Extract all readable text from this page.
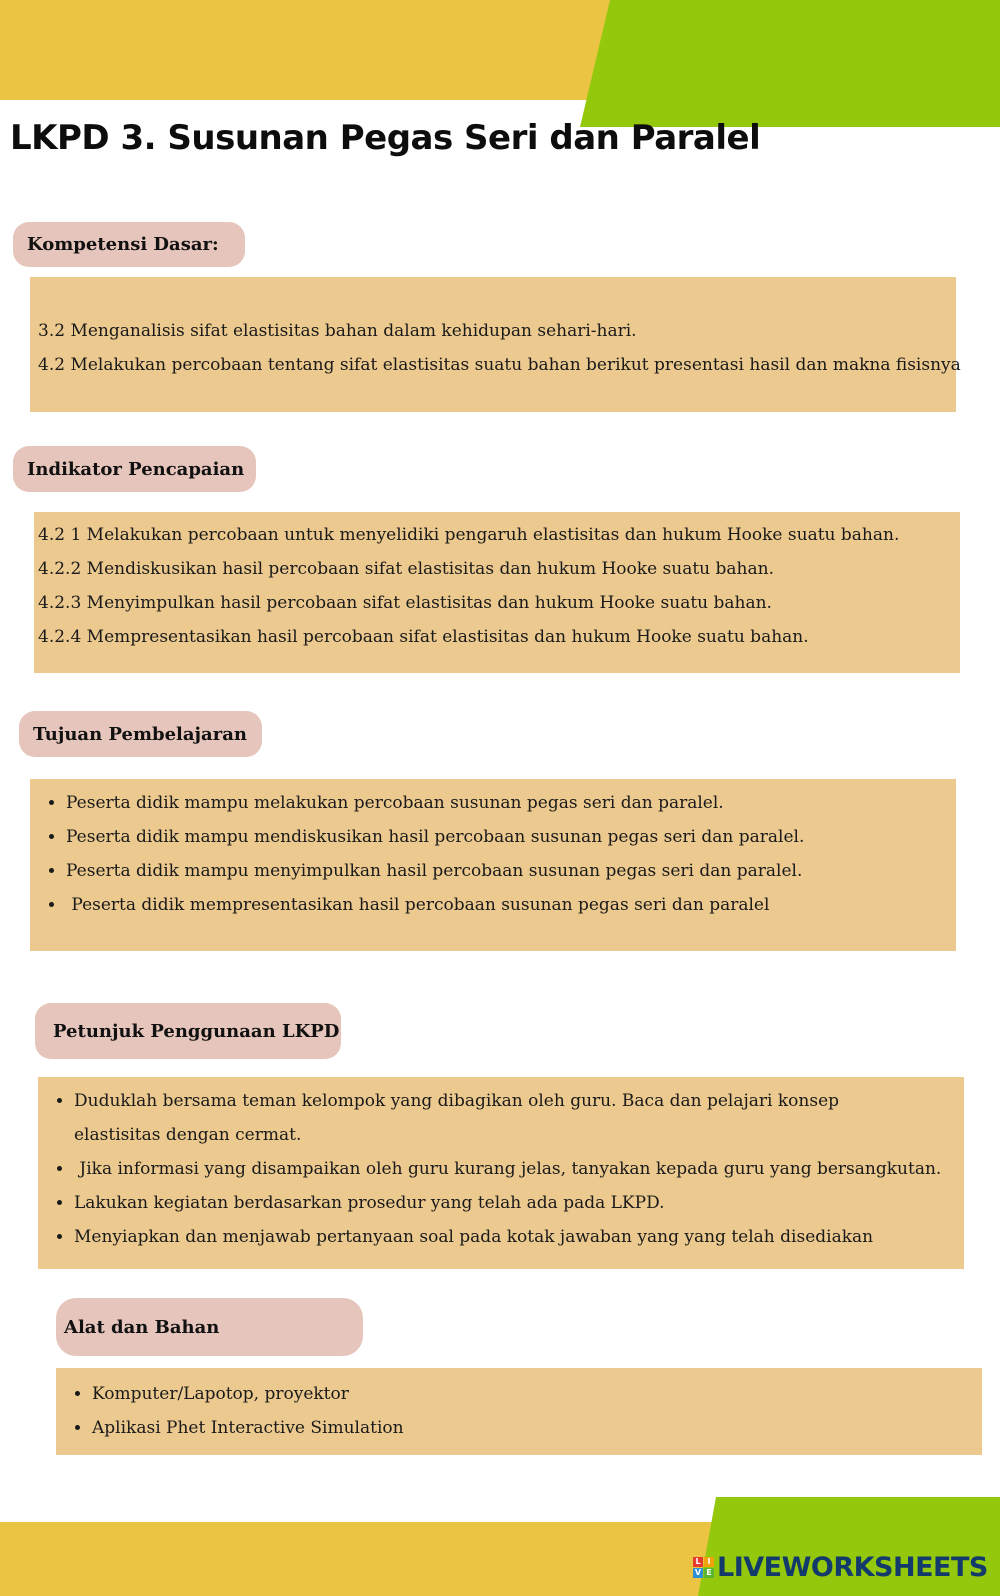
LKPD 3. Susunan Pegas Seri dan Paralel
Kompetensi Dasar:
3.2 Menganalisis sifat elastisitas bahan dalam kehidupan sehari-hari.
4.2 Melakukan percobaan tentang sifat elastisitas suatu bahan berikut presentasi hasil dan makna fisisnya
Indikator Pencapaian
4.2 1 Melakukan percobaan untuk menyelidiki pengaruh elastisitas dan hukum Hooke suatu bahan.
4.2.2 Mendiskusikan hasil percobaan sifat elastisitas dan hukum Hooke suatu bahan.
4.2.3 Menyimpulkan hasil percobaan sifat elastisitas dan hukum Hooke suatu bahan.
4.2.4 Mempresentasikan hasil percobaan sifat elastisitas dan hukum Hooke suatu bahan.
Tujuan Pembelajaran
• Peserta didik mampu melakukan percobaan susunan pegas seri dan paralel.
• Peserta didik mampu mendiskusikan hasil percobaan susunan pegas seri dan paralel.
• Peserta didik mampu menyimpulkan hasil percobaan susunan pegas seri dan paralel.
•  Peserta didik mempresentasikan hasil percobaan susunan pegas seri dan paralel
Petunjuk Penggunaan LKPD
• Duduklah bersama teman kelompok yang dibagikan oleh guru. Baca dan pelajari konsep elastisitas dengan cermat.
•  Jika informasi yang disampaikan oleh guru kurang jelas, tanyakan kepada guru yang bersangkutan.
• Lakukan kegiatan berdasarkan prosedur yang telah ada pada LKPD.
• Menyiapkan dan menjawab pertanyaan soal pada kotak jawaban yang yang telah disediakan
Alat dan Bahan
• Komputer/Lapotop, proyektor
• Aplikasi Phet Interactive Simulation
L I
V E LIVEWORKSHEETS
